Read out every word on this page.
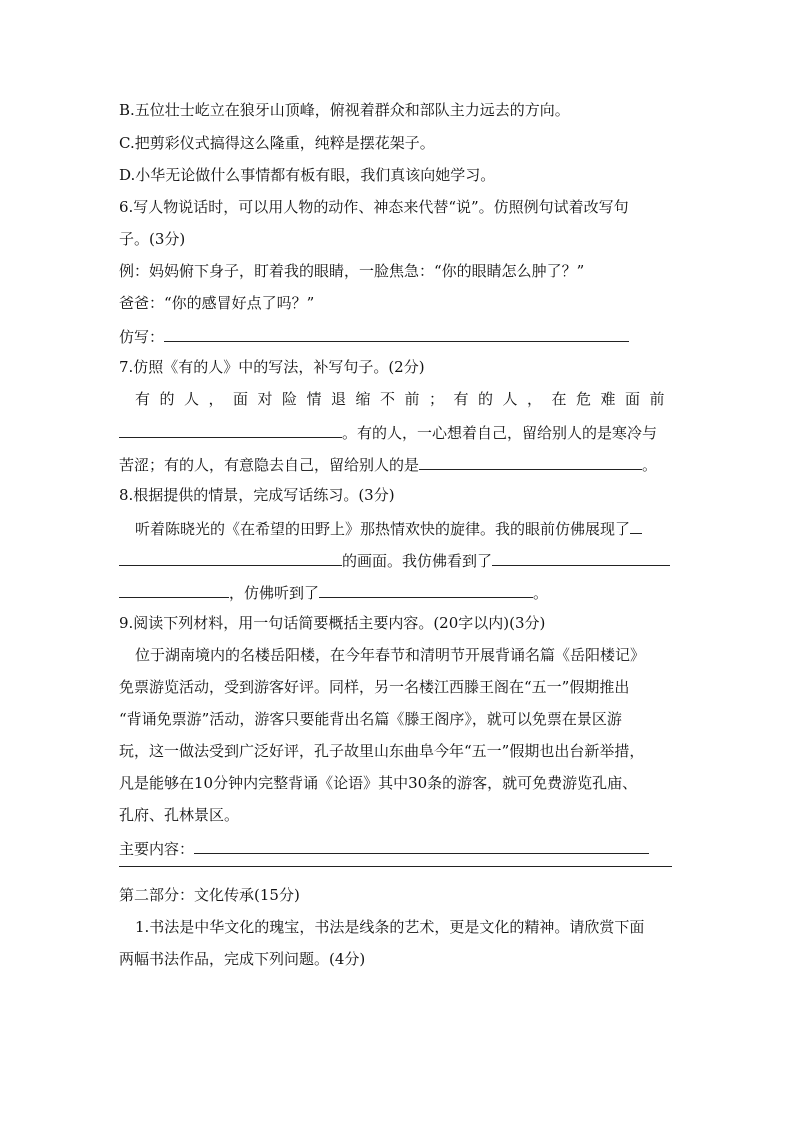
B.五位壮士屹立在狼牙山顶峰，俯视着群众和部队主力远去的方向。
C.把剪彩仪式搞得这么隆重，纯粹是摆花架子。
D.小华无论做什么事情都有板有眼，我们真该向她学习。
6.写人物说话时，可以用人物的动作、神态来代替“说”。仿照例句试着改写句
子。(3分)
例：妈妈俯下身子，盯着我的眼睛，一脸焦急：“你的眼睛怎么肿了？”
爸爸：“你的感冒好点了吗？”
仿写：
7.仿照《有的人》中的写法，补写句子。(2分)
有的人，面对险情退缩不前；有的人，在危难面前
。有的人，一心想着自己，留给别人的是寒冷与
苦涩；有的人，有意隐去自己，留给别人的是	。
8.根据提供的情景，完成写话练习。(3分)
听着陈晓光的《在希望的田野上》那热情欢快的旋律。我的眼前仿佛展现了
的画面。我仿佛看到了
，仿佛听到了	。
9.阅读下列材料，用一句话简要概括主要内容。(20字以内)(3分)
位于湖南境内的名楼岳阳楼，在今年春节和清明节开展背诵名篇《岳阳楼记》
免票游览活动，受到游客好评。同样，另一名楼江西滕王阁在“五一”假期推出
“背诵免票游”活动，游客只要能背出名篇《滕王阁序》，就可以免票在景区游
玩，这一做法受到广泛好评，孔子故里山东曲阜今年“五一”假期也出台新举措，
凡是能够在10分钟内完整背诵《论语》其中30条的游客，就可免费游览孔庙、
孔府、孔林景区。
主要内容：
第二部分：文化传承(15分)
1.书法是中华文化的瑰宝，书法是线条的艺术，更是文化的精神。请欣赏下面
两幅书法作品，完成下列问题。(4分)
